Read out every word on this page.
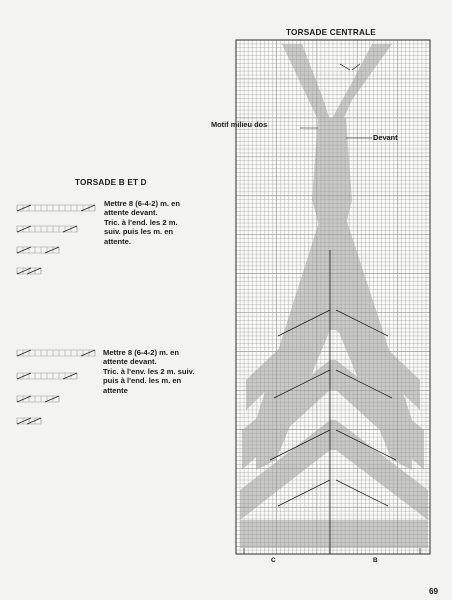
TORSADE CENTRALE
TORSADE B ET D
Motif milieu dos
Devant
C	B
Mettre 8 (6-4-2) m. en
attente devant.
Tric. à l'end. les 2 m.
suiv. puis les m. en
attente.
Mettre 8 (6-4-2) m. en
attente devant.
Tric. à l'env. les 2 m. suiv.
puis à l'end. les m. en
attente
69
